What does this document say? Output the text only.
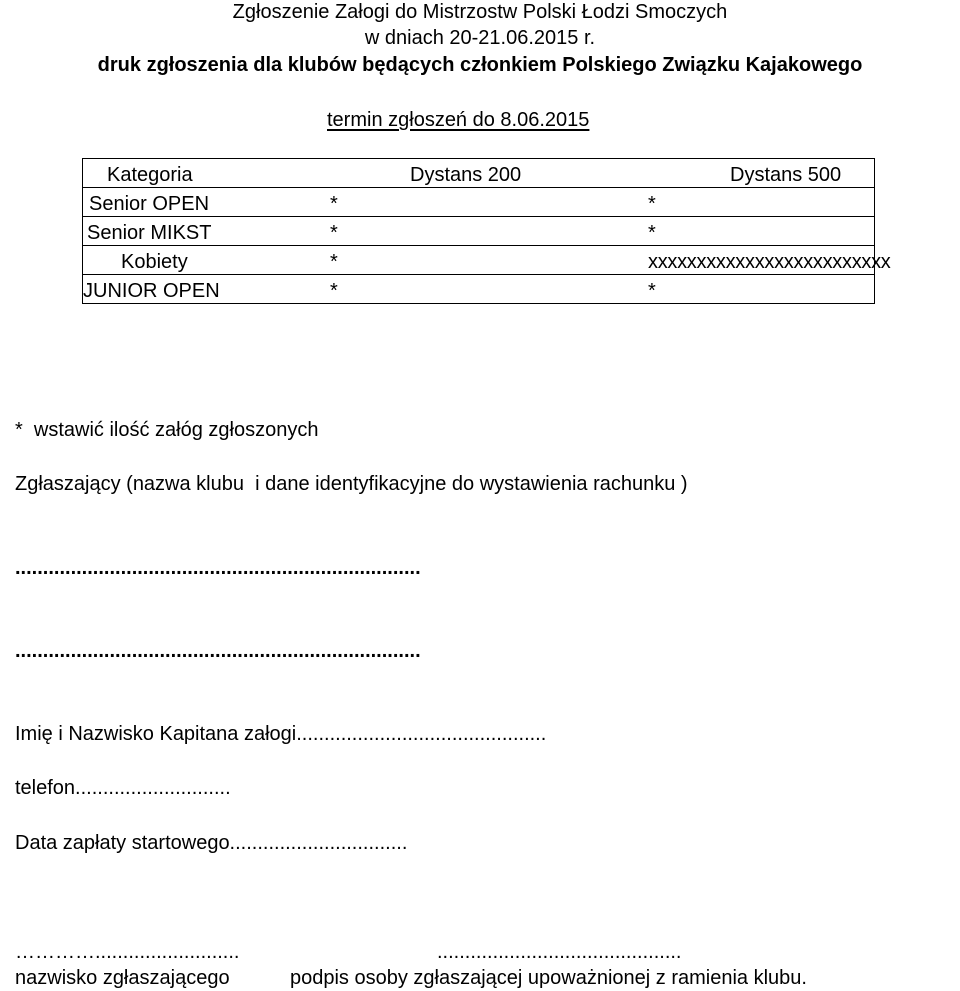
Zgłoszenie Załogi do Mistrzostw Polski Łodzi Smoczych
w dniach 20-21.06.2015 r.
druk zgłoszenia dla klubów będących członkiem Polskiego Związku Kajakowego
termin zgłoszeń do 8.06.2015
Kategoria	Dystans 200	Dystans 500
Senior OPEN	*	*
Senior MIKST	*	*
Kobiety	*	xxxxxxxxxxxxxxxxxxxxxxxxx
JUNIOR OPEN	*	*
*  wstawić ilość załóg zgłoszonych
Zgłaszający (nazwa klubu  i dane identyfikacyjne do wystawienia rachunku )
.........................................................................
.........................................................................
Imię i Nazwisko Kapitana załogi.............................................
telefon............................
Data zapłaty startowego................................
…………..........................	............................................
nazwisko zgłaszającego	podpis osoby zgłaszającej upoważnionej z ramienia klubu.
